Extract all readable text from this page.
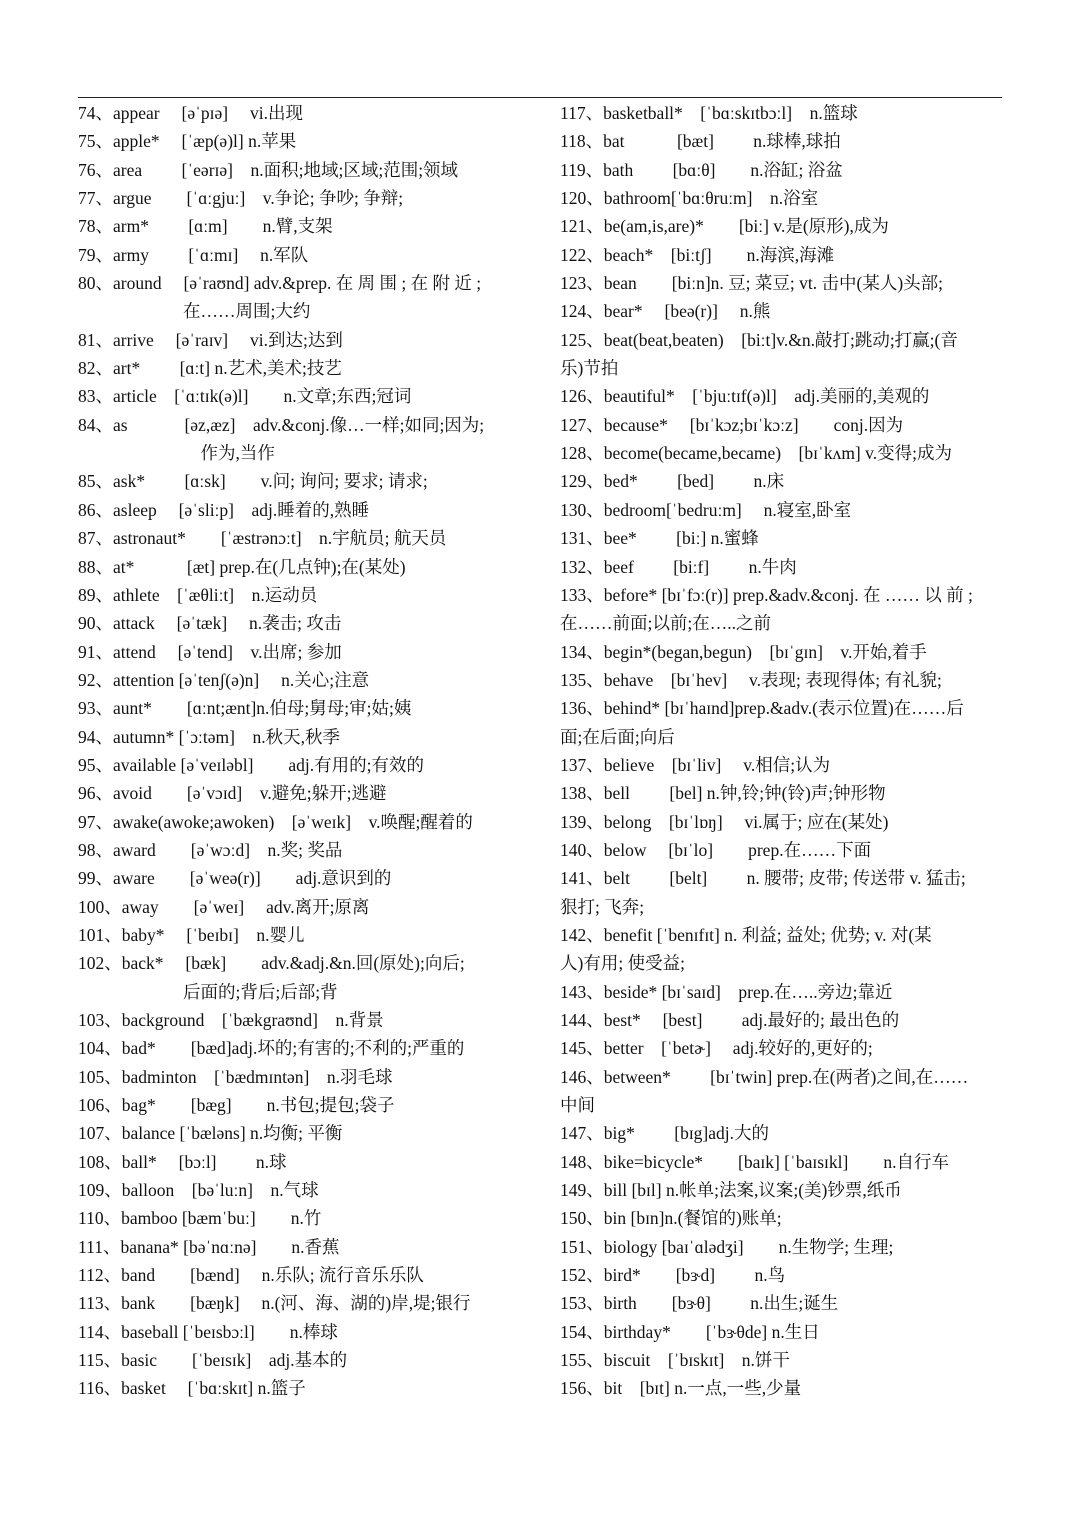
74、appear　 [əˈpɪə]　 vi.出现
75、apple*　 [ˈæp(ə)l] n.苹果
76、area　　 [ˈeərɪə]　n.面积;地域;区域;范围;领域
77、argue　　[ˈɑːgjuː]　v.争论; 争吵; 争辩;
78、arm*　　 [ɑːm]　　n.臂,支架
79、army　　 [ˈɑːmɪ]　 n.军队
80、around　 [əˈraʊnd] adv.&prep. 在 周 围 ; 在 附 近 ;
　　　　　　在……周围;大约
81、arrive　 [əˈraɪv]　 vi.到达;达到
82、art*　　 [ɑːt] n.艺术,美术;技艺
83、article　[ˈɑːtɪk(ə)l]　　n.文章;东西;冠词
84、as　　　 [əz,æz]　adv.&conj.像…一样;如同;因为;
　　　　　　　作为,当作
85、ask*　　 [ɑːsk]　　v.问; 询问; 要求; 请求;
86、asleep　 [əˈsliːp]　adj.睡着的,熟睡
87、astronaut*　　[ˈæstrənɔːt]　n.宇航员; 航天员
88、at*　　　[æt] prep.在(几点钟);在(某处)
89、athlete　[ˈæθliːt]　n.运动员
90、attack　 [əˈtæk]　 n.袭击; 攻击
91、attend　 [əˈtend]　v.出席; 参加
92、attention [əˈtenʃ(ə)n]　 n.关心;注意
93、aunt*　　[ɑːnt;ænt]n.伯母;舅母;审;姑;姨
94、autumn* [ˈɔːtəm]　n.秋天,秋季
95、available [əˈveɪləbl]　　adj.有用的;有效的
96、avoid　　[əˈvɔɪd]　v.避免;躲开;逃避
97、awake(awoke;awoken)　[əˈweɪk]　v.唤醒;醒着的
98、award　　[əˈwɔːd]　n.奖; 奖品
99、aware　　[əˈweə(r)]　　adj.意识到的
100、away　　[əˈweɪ]　 adv.离开;原离
101、baby*　 [ˈbeɪbɪ]　n.婴儿
102、back*　 [bæk]　　adv.&adj.&n.回(原处);向后;
　　　　　　后面的;背后;后部;背
103、background　[ˈbækgraʊnd]　n.背景
104、bad*　　[bæd]adj.坏的;有害的;不利的;严重的
105、badminton　[ˈbædmɪntən]　n.羽毛球
106、bag*　　[bæg]　　n.书包;提包;袋子
107、balance [ˈbæləns] n.均衡; 平衡
108、ball*　 [bɔːl]　　 n.球
109、balloon　[bəˈluːn]　n.气球
110、bamboo [bæmˈbuː]　　n.竹
111、banana* [bəˈnɑːnə]　　n.香蕉
112、band　　[bænd]　 n.乐队; 流行音乐乐队
113、bank　　[bæŋk]　 n.(河、海、湖的)岸,堤;银行
114、baseball [ˈbeɪsbɔːl]　　n.棒球
115、basic　　[ˈbeɪsɪk]　adj.基本的
116、basket　 [ˈbɑːskɪt] n.篮子
117、basketball*　[ˈbɑːskɪtbɔːl]　n.篮球
118、bat　　　[bæt]　　 n.球棒,球拍
119、bath　　 [bɑːθ]　　n.浴缸; 浴盆
120、bathroom[ˈbɑːθruːm]　n.浴室
121、be(am,is,are)*　　[biː] v.是(原形),成为
122、beach*　[biːtʃ]　　n.海滨,海滩
123、bean　　[biːn]n. 豆; 菜豆; vt. 击中(某人)头部;
124、bear*　 [beə(r)]　 n.熊
125、beat(beat,beaten)　[biːt]v.&n.敲打;跳动;打赢;(音
乐)节拍
126、beautiful*　[ˈbjuːtɪf(ə)l]　adj.美丽的,美观的
127、because*　 [bɪˈkɔz;bɪˈkɔːz]　　conj.因为
128、become(became,became)　[bɪˈkʌm] v.变得;成为
129、bed*　　 [bed]　　 n.床
130、bedroom[ˈbedruːm]　 n.寝室,卧室
131、bee*　　 [biː] n.蜜蜂
132、beef　　 [biːf]　　 n.牛肉
133、before* [bɪˈfɔː(r)] prep.&adv.&conj. 在 …… 以 前 ;
在……前面;以前;在…..之前
134、begin*(began,begun)　[bɪˈgɪn]　v.开始,着手
135、behave　[bɪˈhev]　 v.表现; 表现得体; 有礼貌;
136、behind* [bɪˈhaɪnd]prep.&adv.(表示位置)在……后
面;在后面;向后
137、believe　[bɪˈliv]　 v.相信;认为
138、bell　　 [bel] n.钟,铃;钟(铃)声;钟形物
139、belong　[bɪˈlɒŋ]　 vi.属于; 应在(某处)
140、below　 [bɪˈlo]　　prep.在……下面
141、belt　　 [belt]　　 n. 腰带; 皮带; 传送带 v. 猛击;
狠打; 飞奔;
142、benefit [ˈbenɪfɪt] n. 利益; 益处; 优势; v. 对(某
人)有用; 使受益;
143、beside* [bɪˈsaɪd]　prep.在…..旁边;靠近
144、best*　 [best]　　 adj.最好的; 最出色的
145、better　[ˈbetɚ]　 adj.较好的,更好的;
146、between*　　 [bɪˈtwin] prep.在(两者)之间,在……
中间
147、big*　　 [bɪg]adj.大的
148、bike=bicycle*　　[baɪk] [ˈbaɪsɪkl]　　n.自行车
149、bill [bɪl] n.帐单;法案,议案;(美)钞票,纸币
150、bin [bɪn]n.(餐馆的)账单;
151、biology [baɪˈɑlədʒi]　　n.生物学; 生理;
152、bird*　　[bɝd]　　 n.鸟
153、birth　　[bɝθ]　　 n.出生;诞生
154、birthday*　　[ˈbɝθde] n.生日
155、biscuit　[ˈbɪskɪt]　n.饼干
156、bit　[bɪt] n.一点,一些,少量
